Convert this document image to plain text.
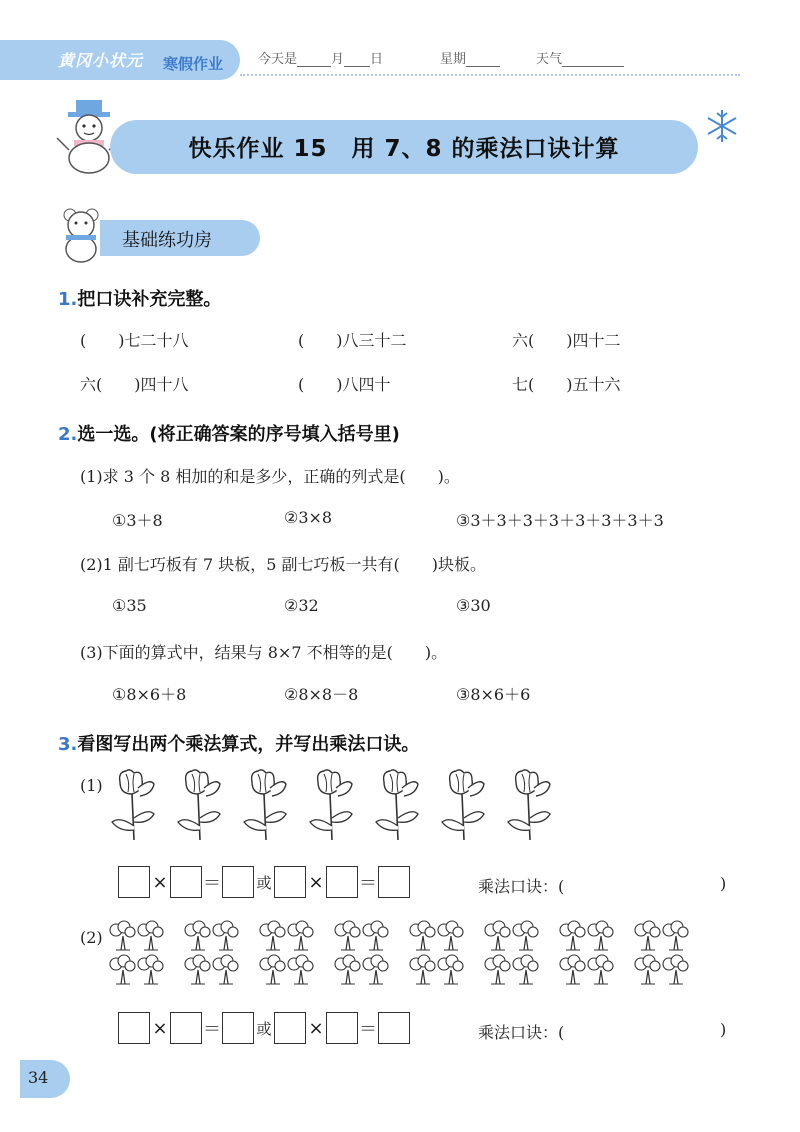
黄冈小状元 寒假作业	今天是	月 日	星期	天气
快乐作业 15　用 7、8 的乘法口诀计算
基础练功房
1.把口诀补充完整。
(　　)七二十八	(　　)八三十二	六(　　)四十二
六(　　)四十八	(　　)八四十	七(　　)五十六
2.选一选。(将正确答案的序号填入括号里)
(1)求 3 个 8 相加的和是多少，正确的列式是(　　)。
①3＋8	②3×8	③3＋3＋3＋3＋3＋3＋3＋3
(2)1 副七巧板有 7 块板，5 副七巧板一共有(　　)块板。
①35	②32	③30
(3)下面的算式中，结果与 8×7 不相等的是(　　)。
①8×6＋8	②8×8－8	③8×6＋6
3.看图写出两个乘法算式，并写出乘法口诀。
(1)
× ＝ 或 × ＝	乘法口诀：(	)
(2)
× ＝ 或 × ＝	乘法口诀：(	)
34
